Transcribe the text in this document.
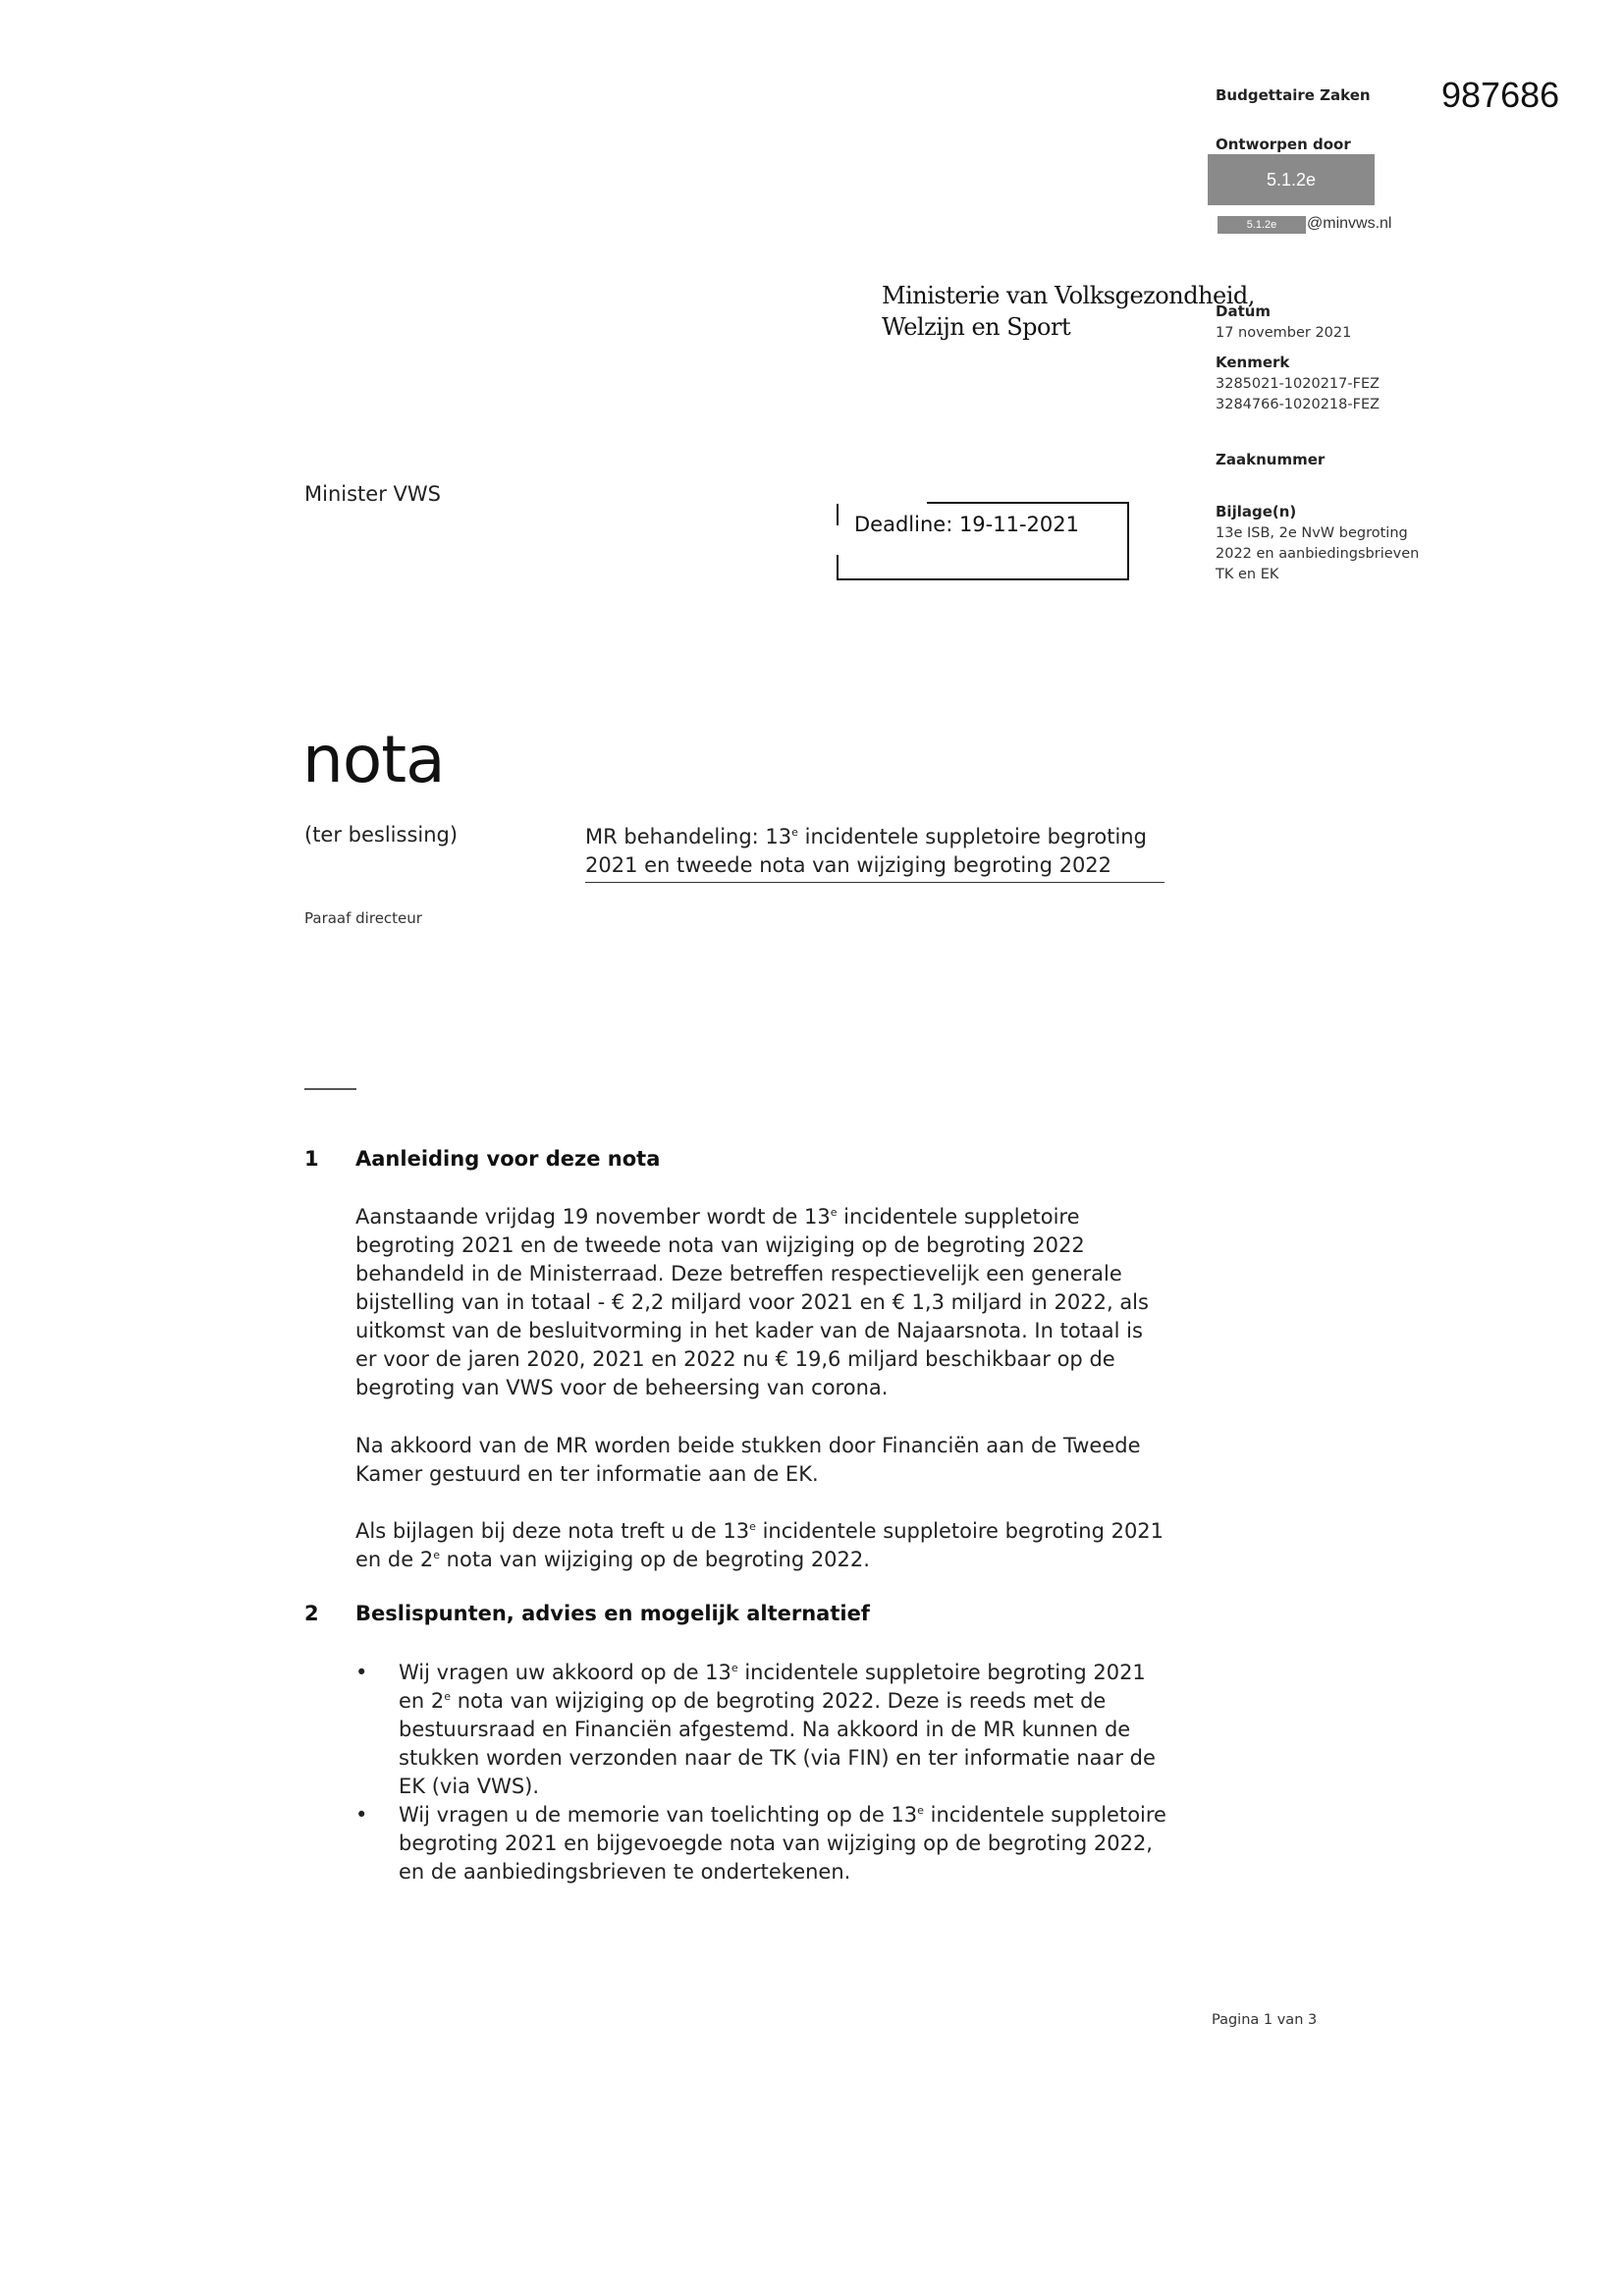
987686
Budgettaire Zaken
Ontworpen door
5.1.2e
5.1.2e	@minvws.nl
Datum
17 november 2021
Kenmerk
3285021-1020217-FEZ
3284766-1020218-FEZ
Zaaknummer
Bijlage(n)
13e ISB, 2e NvW begroting
2022 en aanbiedingsbrieven
TK en EK
Ministerie van Volksgezondheid,
Welzijn en Sport
Minister VWS
Deadline: 19-11-2021
nota
(ter beslissing)	MR behandeling: 13e incidentele suppletoire begroting
2021 en tweede nota van wijziging begroting 2022
Paraaf directeur
1 Aanleiding voor deze nota
Aanstaande vrijdag 19 november wordt de 13e incidentele suppletoire
begroting 2021 en de tweede nota van wijziging op de begroting 2022
behandeld in de Ministerraad. Deze betreffen respectievelijk een generale
bijstelling van in totaal - € 2,2 miljard voor 2021 en € 1,3 miljard in 2022, als
uitkomst van de besluitvorming in het kader van de Najaarsnota. In totaal is
er voor de jaren 2020, 2021 en 2022 nu € 19,6 miljard beschikbaar op de
begroting van VWS voor de beheersing van corona.
Na akkoord van de MR worden beide stukken door Financiën aan de Tweede
Kamer gestuurd en ter informatie aan de EK.
Als bijlagen bij deze nota treft u de 13e incidentele suppletoire begroting 2021
en de 2e nota van wijziging op de begroting 2022.
2 Beslispunten, advies en mogelijk alternatief
• Wij vragen uw akkoord op de 13e incidentele suppletoire begroting 2021
en 2e nota van wijziging op de begroting 2022. Deze is reeds met de
bestuursraad en Financiën afgestemd. Na akkoord in de MR kunnen de
stukken worden verzonden naar de TK (via FIN) en ter informatie naar de
EK (via VWS).
• Wij vragen u de memorie van toelichting op de 13e incidentele suppletoire
begroting 2021 en bijgevoegde nota van wijziging op de begroting 2022,
en de aanbiedingsbrieven te ondertekenen.
Pagina 1 van 3
